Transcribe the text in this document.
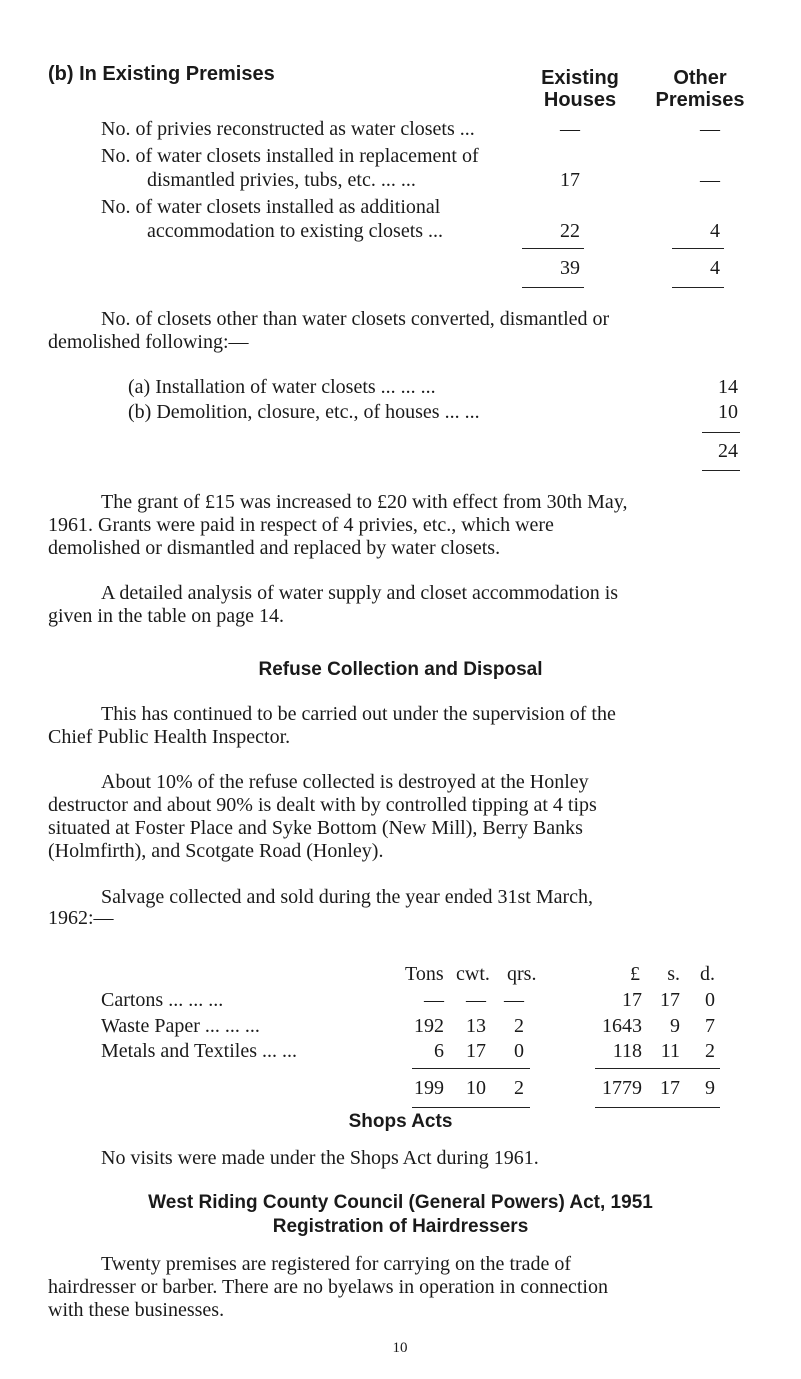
(b) In Existing Premises	Existing
Houses
Other
Premises
No. of privies reconstructed as water closets ...	—	—
No. of water closets installed in replacement of
dismantled privies, tubs, etc. ... ...	17	—
No. of water closets installed as additional
accommodation to existing closets ...	22	4
39	4
No. of closets other than water closets converted, dismantled or
demolished following:—
(a) Installation of water closets ... ... ...	14
(b) Demolition, closure, etc., of houses ... ...	10
24
The grant of £15 was increased to £20 with effect from 30th May,
1961. Grants were paid in respect of 4 privies, etc., which were
demolished or dismantled and replaced by water closets.
A detailed analysis of water supply and closet accommodation is
given in the table on page 14.
Refuse Collection and Disposal
This has continued to be carried out under the supervision of the
Chief Public Health Inspector.
About 10% of the refuse collected is destroyed at the Honley
destructor and about 90% is dealt with by controlled tipping at 4 tips
situated at Foster Place and Syke Bottom (New Mill), Berry Banks
(Holmfirth), and Scotgate Road (Honley).
Salvage collected and sold during the year ended 31st March,
1962:—
Tons cwt. qrs.	£	s.	d.
Cartons ... ... ...	—	— —	17 17	0
Waste Paper ... ... ...	192	13	2	1643	9	7
Metals and Textiles ... ...	6	17	0	118 11	2
199	10	2	1779 17	9
Shops Acts
No visits were made under the Shops Act during 1961.
West Riding County Council (General Powers) Act, 1951
Registration of Hairdressers
Twenty premises are registered for carrying on the trade of
hairdresser or barber. There are no byelaws in operation in connection
with these businesses.
10
